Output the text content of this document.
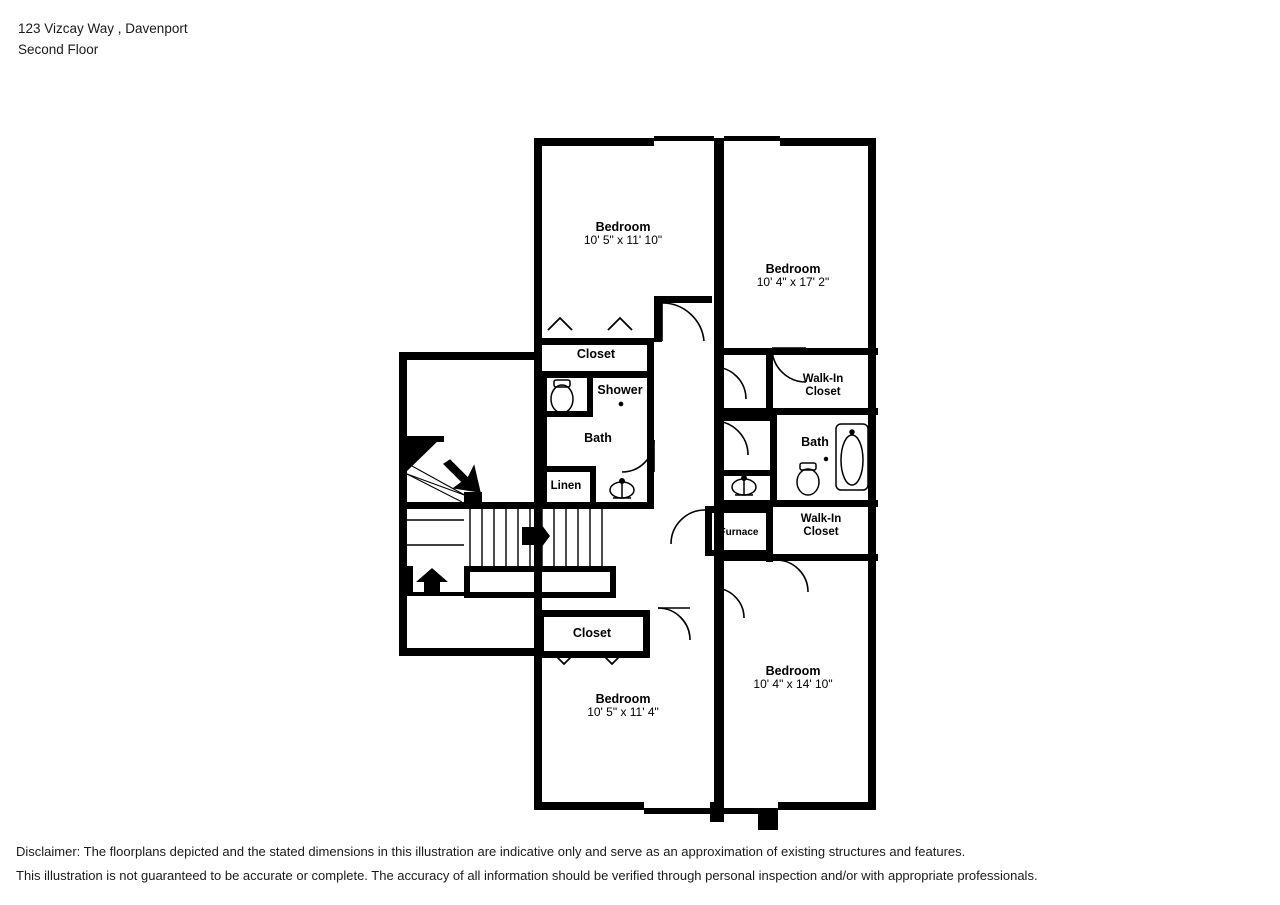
123 Vizcay Way , Davenport
Second Floor
Bedroom
10' 5" x 11' 10"
Bedroom
10' 4" x 17' 2"
Bedroom
10' 5" x 11' 4"
Bedroom
10' 4" x 14' 10"
Closet
Closet
Shower
Bath	Bath
Linen
Walk-In Closet
Walk-In Closet
Furnace
Disclaimer: The floorplans depicted and the stated dimensions in this illustration are indicative only and serve as an approximation of existing structures and features.
This illustration is not guaranteed to be accurate or complete. The accuracy of all information should be verified through personal inspection and/or with appropriate professionals.
